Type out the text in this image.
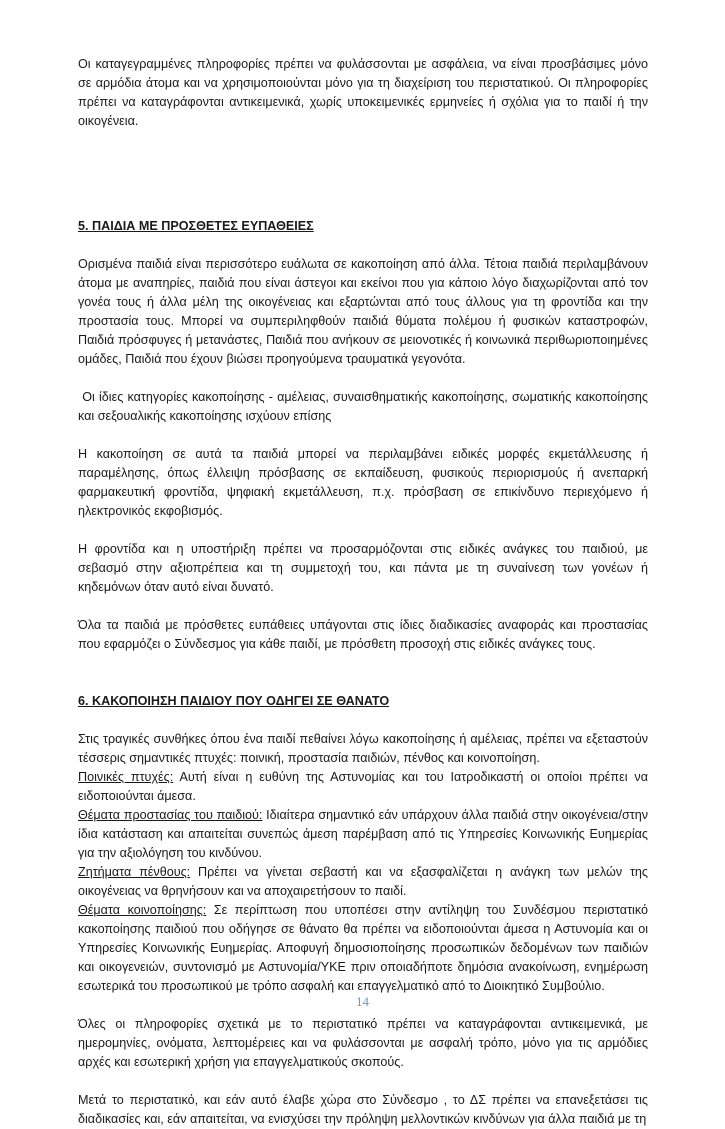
Οι καταγεγραμμένες πληροφορίες πρέπει να φυλάσσονται με ασφάλεια, να είναι προσβάσιμες μόνο σε αρμόδια άτομα και να χρησιμοποιούνται μόνο για τη διαχείριση του περιστατικού. Οι πληροφορίες πρέπει να καταγράφονται αντικειμενικά, χωρίς υποκειμενικές ερμηνείες ή σχόλια για το παιδί ή την οικογένεια.

5. ΠΑΙΔΙΑ ΜΕ ΠΡΟΣΘΕΤΕΣ ΕΥΠΑΘΕΙΕΣ

Ορισμένα παιδιά είναι περισσότερο ευάλωτα σε κακοποίηση από άλλα. Τέτοια παιδιά περιλαμβάνουν άτομα με αναπηρίες, παιδιά που είναι άστεγοι και εκείνοι που για κάποιο λόγο διαχωρίζονται από τον γονέα τους ή άλλα μέλη της οικογένειας και εξαρτώνται από τους άλλους για τη φροντίδα και την προστασία τους. Μπορεί να συμπεριληφθούν παιδιά θύματα πολέμου ή φυσικών καταστροφών, Παιδιά πρόσφυγες ή μετανάστες, Παιδιά που ανήκουν σε μειονοτικές ή κοινωνικά περιθωριοποιημένες ομάδες, Παιδιά που έχουν βιώσει προηγούμενα τραυματικά γεγονότα.

Οι ίδιες κατηγορίες κακοποίησης - αμέλειας, συναισθηματικής κακοποίησης, σωματικής κακοποίησης και σεξουαλικής κακοποίησης ισχύουν επίσης

Η κακοποίηση σε αυτά τα παιδιά μπορεί να περιλαμβάνει ειδικές μορφές εκμετάλλευσης ή παραμέλησης, όπως έλλειψη πρόσβασης σε εκπαίδευση, φυσικούς περιορισμούς ή ανεπαρκή φαρμακευτική φροντίδα, ψηφιακή εκμετάλλευση, π.χ. πρόσβαση σε επικίνδυνο περιεχόμενο ή ηλεκτρονικός εκφοβισμός.

Η φροντίδα και η υποστήριξη πρέπει να προσαρμόζονται στις ειδικές ανάγκες του παιδιού, με σεβασμό στην αξιοπρέπεια και τη συμμετοχή του, και πάντα με τη συναίνεση των γονέων ή κηδεμόνων όταν αυτό είναι δυνατό.

Όλα τα παιδιά με πρόσθετες ευπάθειες υπάγονται στις ίδιες διαδικασίες αναφοράς και προστασίας που εφαρμόζει ο Σύνδεσμος για κάθε παιδί, με πρόσθετη προσοχή στις ειδικές ανάγκες τους.

6. ΚΑΚΟΠΟΙΗΣΗ ΠΑΙΔΙΟΥ ΠΟΥ ΟΔΗΓΕΙ ΣΕ ΘΑΝΑΤΟ

Στις τραγικές συνθήκες όπου ένα παιδί πεθαίνει λόγω κακοποίησης ή αμέλειας, πρέπει να εξεταστούν τέσσερις σημαντικές πτυχές: ποινική, προστασία παιδιών, πένθος και κοινοποίηση.

Ποινικές πτυχές: Αυτή είναι η ευθύνη της Αστυνομίας και του Ιατροδικαστή οι οποίοι πρέπει να ειδοποιούνται άμεσα.

Θέματα προστασίας του παιδιού: Ιδιαίτερα σημαντικό εάν υπάρχουν άλλα παιδιά στην οικογένεια/στην ίδια κατάσταση και απαιτείται συνεπώς άμεση παρέμβαση από τις Υπηρεσίες Κοινωνικής Ευημερίας για την αξιολόγηση του κινδύνου.

Ζητήματα πένθους: Πρέπει να γίνεται σεβαστή και να εξασφαλίζεται η ανάγκη των μελών της οικογένειας να θρηνήσουν και να αποχαιρετήσουν το παιδί.

Θέματα κοινοποίησης: Σε περίπτωση που υποπέσει στην αντίληψη του Συνδέσμου περιστατικό κακοποίησης παιδιού που οδήγησε σε θάνατο θα πρέπει να ειδοποιούνται άμεσα η Αστυνομία και οι Υπηρεσίες Κοινωνικής Ευημερίας. Αποφυγή δημοσιοποίησης προσωπικών δεδομένων των παιδιών και οικογενειών, συντονισμό με Αστυνομία/ΥΚΕ πριν οποιαδήποτε δημόσια ανακοίνωση, ενημέρωση εσωτερικά του προσωπικού με τρόπο ασφαλή και επαγγελματικό από το Διοικητικό Συμβούλιο.

Όλες οι πληροφορίες σχετικά με το περιστατικό πρέπει να καταγράφονται αντικειμενικά, με ημερομηνίες, ονόματα, λεπτομέρειες και να φυλάσσονται με ασφαλή τρόπο, μόνο για τις αρμόδιες αρχές και εσωτερική χρήση για επαγγελματικούς σκοπούς.

Μετά το περιστατικό, και εάν αυτό έλαβε χώρα στο Σύνδεσμο , το ΔΣ πρέπει να επανεξετάσει τις διαδικασίες και, εάν απαιτείται, να ενισχύσει την πρόληψη μελλοντικών κινδύνων για άλλα παιδιά με τη

14
